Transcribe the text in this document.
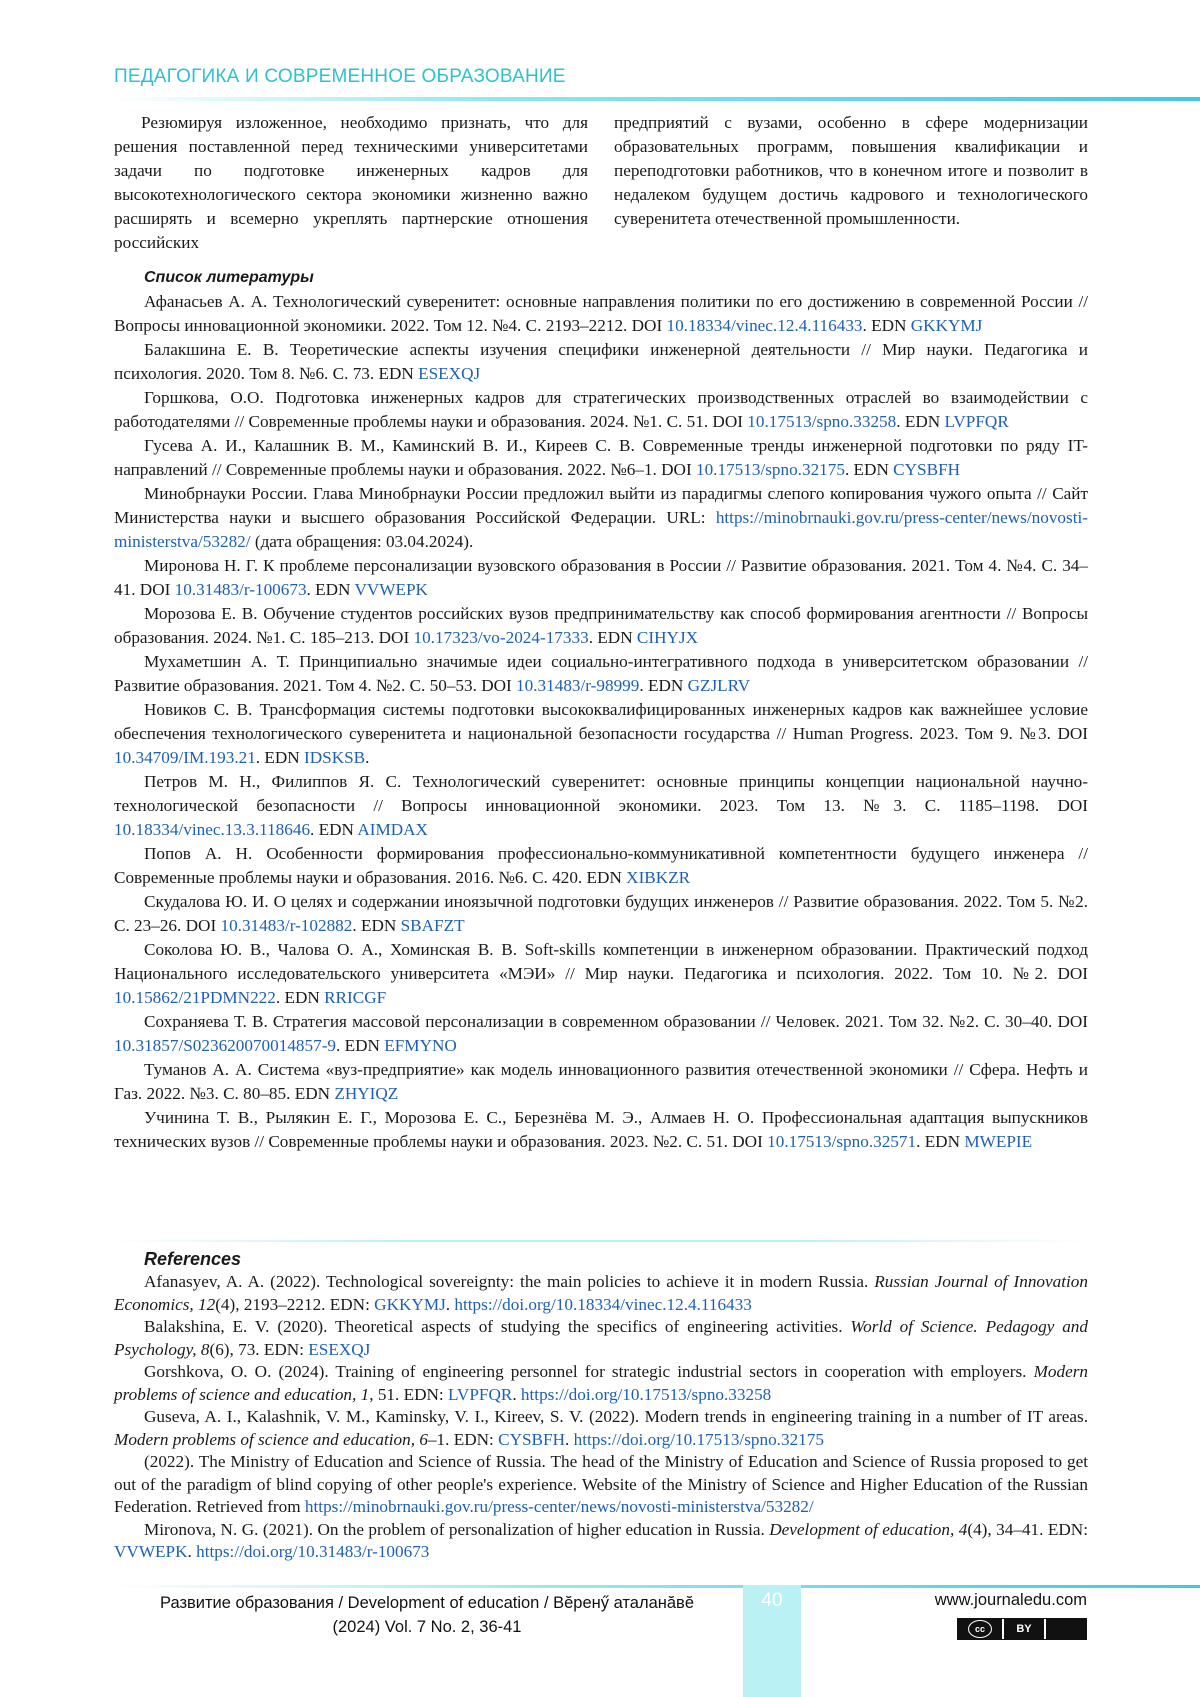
ПЕДАГОГИКА И СОВРЕМЕННОЕ ОБРАЗОВАНИЕ

Резюмируя изложенное, необходимо признать, что для решения поставленной перед техническими университетами задачи по подготовке инженерных кадров для высокотехнологического сектора экономики жизненно важно расширять и всемерно укреплять партнерские отношения российских

предприятий с вузами, особенно в сфере модернизации образовательных программ, повышения квалификации и переподготовки работников, что в конечном итоге и позволит в недалеком будущем достичь кадрового и технологического суверенитета отечественной промышленности.

Список литературы

Афанасьев А. А. Технологический суверенитет: основные направления политики по его достижению в современной России // Вопросы инновационной экономики. 2022. Том 12. №4. С. 2193–2212. DOI 10.18334/vinec.12.4.116433. EDN GKKYMJ

Балакшина Е. В. Теоретические аспекты изучения специфики инженерной деятельности // Мир науки. Педагогика и психология. 2020. Том 8. №6. С. 73. EDN ESEXQJ

Горшкова, О.О. Подготовка инженерных кадров для стратегических производственных отраслей во взаимодействии с работодателями // Современные проблемы науки и образования. 2024. №1. С. 51. DOI 10.17513/spno.33258. EDN LVPFQR

Гусева А. И., Калашник В. М., Каминский В. И., Киреев С. В. Современные тренды инженерной подготовки по ряду IT-направлений // Современные проблемы науки и образования. 2022. №6–1. DOI 10.17513/spno.32175. EDN CYSBFH

Минобрнауки России. Глава Минобрнауки России предложил выйти из парадигмы слепого копирования чужого опыта // Сайт Министерства науки и высшего образования Российской Федерации. URL: https://minobrnauki.gov.ru/press-center/news/novosti-ministerstva/53282/ (дата обращения: 03.04.2024).

Миронова Н. Г. К проблеме персонализации вузовского образования в России // Развитие образования. 2021. Том 4. №4. С. 34–41. DOI 10.31483/r-100673. EDN VVWEPK

Морозова Е. В. Обучение студентов российских вузов предпринимательству как способ формирования агентности // Вопросы образования. 2024. №1. С. 185–213. DOI 10.17323/vo-2024-17333. EDN CIHYJX

Мухаметшин А. Т. Принципиально значимые идеи социально-интегративного подхода в университетском образовании // Развитие образования. 2021. Том 4. №2. С. 50–53. DOI 10.31483/r-98999. EDN GZJLRV

Новиков С. В. Трансформация системы подготовки высококвалифицированных инженерных кадров как важнейшее условие обеспечения технологического суверенитета и национальной безопасности государства // Human Progress. 2023. Том 9. №3. DOI 10.34709/IM.193.21. EDN IDSKSB.

Петров М. Н., Филиппов Я. С. Технологический суверенитет: основные принципы концепции национальной научно-технологической безопасности // Вопросы инновационной экономики. 2023. Том 13. №3. С. 1185–1198. DOI 10.18334/vinec.13.3.118646. EDN AIMDAX

Попов А. Н. Особенности формирования профессионально-коммуникативной компетентности будущего инженера // Современные проблемы науки и образования. 2016. №6. С. 420. EDN XIBKZR

Скудалова Ю. И. О целях и содержании иноязычной подготовки будущих инженеров // Развитие образования. 2022. Том 5. №2. С. 23–26. DOI 10.31483/r-102882. EDN SBAFZT

Соколова Ю. В., Чалова О. А., Хоминская В. В. Soft-skills компетенции в инженерном образовании. Практический подход Национального исследовательского университета «МЭИ» // Мир науки. Педагогика и психология. 2022. Том 10. №2. DOI 10.15862/21PDMN222. EDN RRICGF

Сохраняева Т. В. Стратегия массовой персонализации в современном образовании // Человек. 2021. Том 32. №2. С. 30–40. DOI 10.31857/S023620070014857-9. EDN EFMYNO

Туманов А. А. Система «вуз-предприятие» как модель инновационного развития отечественной экономики // Сфера. Нефть и Газ. 2022. №3. С. 80–85. EDN ZHYIQZ

Учинина Т. В., Рылякин Е. Г., Морозова Е. С., Березнёва М. Э., Алмаев Н. О. Профессиональная адаптация выпускников технических вузов // Современные проблемы науки и образования. 2023. №2. С. 51. DOI 10.17513/spno.32571. EDN MWEPIE

References

Afanasyev, A. A. (2022). Technological sovereignty: the main policies to achieve it in modern Russia. Russian Journal of Innovation Economics, 12(4), 2193–2212. EDN: GKKYMJ. https://doi.org/10.18334/vinec.12.4.116433

Balakshina, E. V. (2020). Theoretical aspects of studying the specifics of engineering activities. World of Science. Pedagogy and Psychology, 8(6), 73. EDN: ESEXQJ

Gorshkova, O. O. (2024). Training of engineering personnel for strategic industrial sectors in cooperation with employers. Modern problems of science and education, 1, 51. EDN: LVPFQR. https://doi.org/10.17513/spno.33258

Guseva, A. I., Kalashnik, V. M., Kaminsky, V. I., Kireev, S. V. (2022). Modern trends in engineering training in a number of IT areas. Modern problems of science and education, 6–1. EDN: CYSBFH. https://doi.org/10.17513/spno.32175

(2022). The Ministry of Education and Science of Russia. The head of the Ministry of Education and Science of Russia proposed to get out of the paradigm of blind copying of other people's experience. Website of the Ministry of Science and Higher Education of the Russian Federation. Retrieved from https://minobrnauki.gov.ru/press-center/news/novosti-ministerstva/53282/

Mironova, N. G. (2021). On the problem of personalization of higher education in Russia. Development of education, 4(4), 34–41. EDN: VVWEPK. https://doi.org/10.31483/r-100673

40
Развитие образования / Development of education / Вĕренӳ аталанăвĕ
(2024) Vol. 7 No. 2, 36-41
www.journaledu.com
cc	BY
